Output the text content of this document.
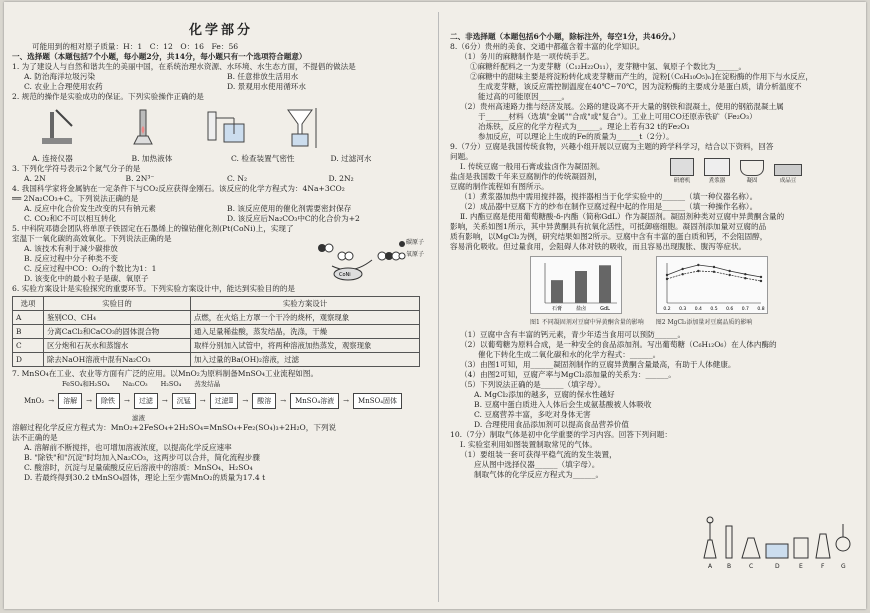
化学部分

可能用到的相对原子质量：H：1　C：12　O：16　Fe：56

一、选择题（本题包括7个小题，每小题2分，共14分，每小题只有一个选项符合题意）

1. 为了建设人与自然和谐共生的美丽中国，在系统治理水资源、水环境、水生态方面，不提倡的做法是

A. 防治海洋垃圾污染	B. 任意排放生活用水
C. 农业上合理使用农药	D. 景观用水使用循环水

2. 规范的操作是实验成功的保证。下列实验操作正确的是

A. 连接仪器	B. 加热液体	C. 检查装置气密性	D. 过滤河水

3. 下列化学符号表示2个氮气分子的是

A. 2N	B. 2N³⁻	C. N₂	D. 2N₂

4. 我国科学家将金属钠在一定条件下与CO₂反应获得金刚石。该反应的化学方程式为：4Na+3CO₂

══ 2Na₂CO₃+C。下列说法正确的是

A. 反应中化合价发生改变的只有钠元素	B. 该反应使用的催化剂需要密封保存
C. CO₂和C不可以相互转化	D. 该反应后Na₂CO₃中C的化合价为+2

5. 中科院邓德会团队将单原子铁固定在石墨烯上的镍钴催化剂(Pt(CoNi)上，实现了

室温下一氧化碳的高效氧化。下列说法正确的是

A. 该技术有利于减少碳排放

B. 反应过程中分子种类不变

C. 反应过程中CO：O₂的个数比为1：1

D. 该变化中的最小粒子是碳、氧原子	CoNi
碳原子
氧原子

6. 实验方案设计是实验探究的重要环节。下列实验方案设计中，能达到实验目的的是

选项	实验目的	实验方案设计
A	鉴别CO、CH₄	点燃，在火焰上方罩一个干冷的烧杯，观察现象
B	分离CaCl₂和CaCO₃的固体混合物	通入足量稀盐酸，蒸发结晶，洗涤，干燥
C	区分炮和石灰水和蒸馏水	取样分别加入试管中，将两种溶液加热蒸发，观察现象
D	除去NaOH溶液中混有Na₂CO₃	加入过量的Ba(OH)₂溶液，过滤

7. MnSO₄在工业、农业等方面有广泛的应用。以MnO₂为原料制备MnSO₄工业流程如图。

FeSO₄和H₂SO₄　　Na₂CO₃　　H₂SO₄　　蒸发结晶

MnO₂ →	溶解	→	除铁	→	过滤	→	沉锰	→	过滤Ⅱ	→	酸溶	→	MnSO₄溶液	→	MnSO₄固体

滤液

溶解过程化学反应方程式为：MnO₂+2FeSO₄+2H₂SO₄=MnSO₄+Fe₂(SO₄)₃+2H₂O，下列说

法不正确的是

A. 溶解前不断搅拌，也可增加溶液浓度，以提高化学反应速率

B. "除铁"和"沉淀"时均加入Na₂CO₃，这两步可以合并，简化流程步骤

C. 酸溶时，沉淀与足量硫酸反应后溶液中的溶质：MnSO₄、H₂SO₄

D. 若最终得到30.2 tMnSO₄固体，理论上至少需MnO₂的质量为17.4 t

二、非选择题（本题包括6个小题，除标注外，每空1分，共46分。）

8.（6分）贵州的美食、交通中都蕴含着丰富的化学知识。

（1）务川的麻糖制作是一项传统手艺。

①麻糖纤配料之一为麦芽糖（C₁₂H₂₂O₁₁），麦芽糖中氢、氧原子个数比为______。

②麻糖中的甜味主要是将淀粉转化成麦芽糖而产生的，淀粉[（C₆H₁₀O₅)ₙ]在淀粉酶的作用下与水反应，

生成麦芽糖，该反应需控制温度在40℃~70℃，因为淀粉酶的主要成分是蛋白质，请分析温度不

能过高的可能原因______。

（2）贵州高速路力推与经济发展。公路的建设离不开大量的钢铁和混凝土，使用的钢筋混凝土属

于______材料（选填"金属""合成"或"复合"）。工业上可用CO还原赤铁矿（Fe₂O₃）

冶炼铁，反应的化学方程式为______。理论上若有32 t的Fe₂O₃

参加反应，可以理论上生成的Fe的质量为______t（2分）。

9.（7分）豆腐是我国传统食物，兴趣小组开展以豆腐为主题的跨学科学习，结合以下资料，回答

问题。

Ⅰ. 传统豆腐一般用石膏或盐卤作为凝固剂。

盐卤是我国数千年来豆腐制作的传统凝固剂，

豆腐的制作流程如有图所示。

研磨机	煮浆器	凝固	成品豆

（1）煮浆器加热中需用搅拌器，搅拌器相当于化学实验中的______（填一种仪器名称）。

（2）成品器中豆腐下方的纱布在制作豆腐过程中起的作用是______（填一种操作名称）。

Ⅱ. 内酯豆腐是使用葡萄糖酸-δ-内酯（简称GdL）作为凝固剂。凝固剂种类对豆腐中异黄酮含量的

影响，关系如图1所示，其中异黄酮具有抗氧化活性，可抵御癌细胞。凝固剂添加量对豆腐的品

质有影响，以MgCl₂为例，研究结果如图2所示。豆腐中含有丰富的蛋白质和钙，不会阻固醇，

容易消化吸收。但过量食用，会阻碍人体对铁的吸收，而且容易出现腹胀、腹泻等症状。

石膏	盐卤	GdL
图1 不同凝固剂对豆腐中异黄酮含量的影响
0.2 0.3 0.4 0.5 0.6 0.7 0.8
图2 MgCl₂添加量对豆腐品质的影响

（1）豆腐中含有丰富的钙元素，青少年适当食用可以预防______。

（2）以葡萄糖为原料合成，是一种安全的食品添加剂。写出葡萄糖（C₆H₁₂O₆）在人体内酶的

催化下转化生成二氧化碳和水的化学方程式：______。

（3）由图1可知，用______凝固剂制作的豆腐异黄酮含量最高，有助于人体健康。

（4）由图2可知，豆腐产率与MgCl₂添加量的关系为：______。

（5）下列说法正确的是______（填字母）。

A. MgCl₂添加的越多，豆腐的保水性越好

B. 豆腐中蛋白质进入人体后会生成氨基酸被人体吸收

C. 豆腐营养丰富，多吃对身体无害

D. 合理使用食品添加剂可以提高食品营养价值

10.（7分）制取气体是初中化学重要的学习内容。回答下列问题：

Ⅰ. 实验室利用如图装置制取常见的气体。

（1）要组装一套可获得平稳气流的发生装置，

应从图中选择仪器______（填字母）。

制取气体的化学反应方程式为______。

A B	C	D	E	F	G
